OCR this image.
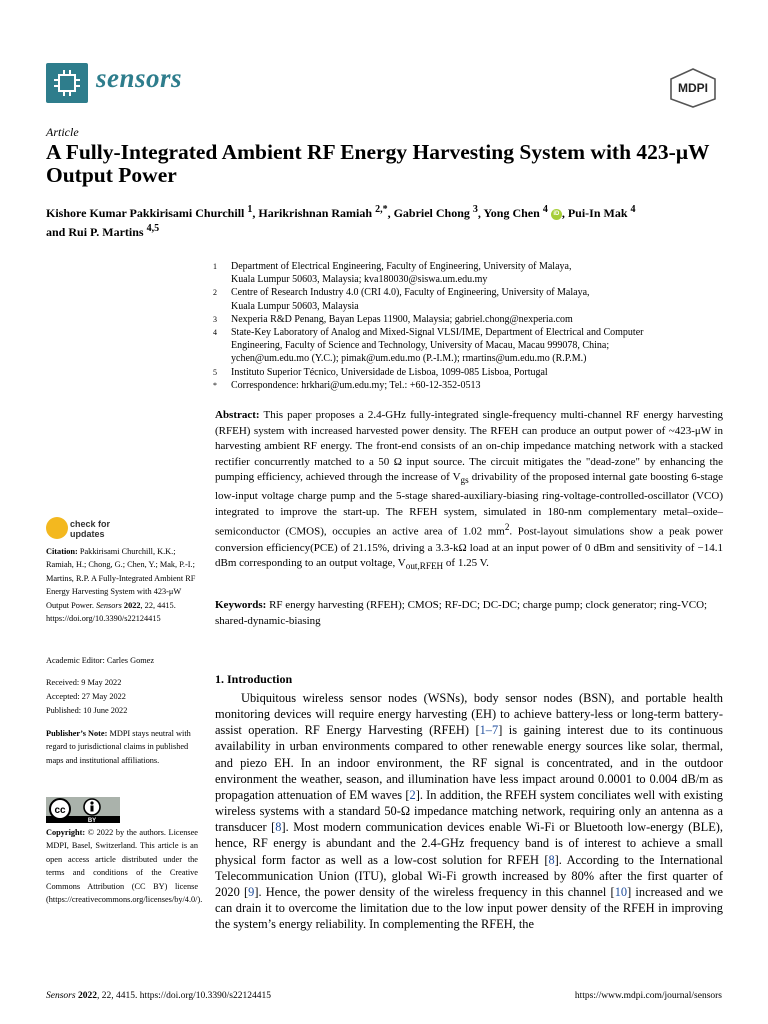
sensors	MDPI
Article
A Fully-Integrated Ambient RF Energy Harvesting System with 423-μW Output Power
Kishore Kumar Pakkirisami Churchill $^1$, Harikrishnan Ramiah $^{2,*}$, Gabriel Chong $^3$, Yong Chen $^4$ iD , Pui-In Mak $^4$
and Rui P. Martins $^{4,5}$
1	Department of Electrical Engineering, Faculty of Engineering, University of Malaya,
Kuala Lumpur 50603, Malaysia; kva180030@siswa.um.edu.my
2	Centre of Research Industry 4.0 (CRI 4.0), Faculty of Engineering, University of Malaya,
Kuala Lumpur 50603, Malaysia
3	Nexperia R&D Penang, Bayan Lepas 11900, Malaysia; gabriel.chong@nexperia.com
4	State-Key Laboratory of Analog and Mixed-Signal VLSI/IME, Department of Electrical and Computer
Engineering, Faculty of Science and Technology, University of Macau, Macau 999078, China;
ychen@um.edu.mo (Y.C.); pimak@um.edu.mo (P.-I.M.); rmartins@um.edu.mo (R.P.M.)
5	Instituto Superior Técnico, Universidade de Lisboa, 1099-085 Lisboa, Portugal
*	Correspondence: hrkhari@um.edu.my; Tel.: +60-12-352-0513
Abstract: This paper proposes a 2.4-GHz fully-integrated single-frequency multi-channel RF energy harvesting (RFEH) system with increased harvested power density. The RFEH can produce an output power of ~423-μW in harvesting ambient RF energy. The front-end consists of an on-chip impedance matching network with a stacked rectifier concurrently matched to a 50 Ω input source. The circuit mitigates the "dead-zone" by enhancing the pumping efficiency, achieved through the increase of $V_{gs}$ drivability of the proposed internal gate boosting 6-stage low-input voltage charge pump and the 5-stage shared-auxiliary-biasing ring-voltage-controlled-oscillator (VCO) integrated to improve the start-up. The RFEH system, simulated in 180-nm complementary metal–oxide–semiconductor (CMOS), occupies an active area of 1.02 $mm^2$. Post-layout simulations show a peak power conversion efficiency(PCE) of 21.15%, driving a 3.3-kΩ load at an input power of 0 dBm and sensitivity of −14.1 dBm corresponding to an output voltage, $V_{out,RFEH}$ of 1.25 V.
Keywords: RF energy harvesting (RFEH); CMOS; RF-DC; DC-DC; charge pump; clock generator; ring-VCO; shared-dynamic-biasing
check for
updates
Citation: Pakkirisami Churchill, K.K.; Ramiah, H.; Chong, G.; Chen, Y.; Mak, P.-I.; Martins, R.P. A Fully-Integrated Ambient RF Energy Harvesting System with 423-μW Output Power. Sensors 2022, 22, 4415. https://doi.org/10.3390/s22124415
Academic Editor: Carles Gomez
Received: 9 May 2022
Accepted: 27 May 2022
Published: 10 June 2022
Publisher’s Note: MDPI stays neutral with regard to jurisdictional claims in published maps and institutional affiliations.
cc
BY
Copyright: © 2022 by the authors. Licensee MDPI, Basel, Switzerland. This article is an open access article distributed under the terms and conditions of the Creative Commons Attribution (CC BY) license (https://creativecommons.org/licenses/by/4.0/).
1. Introduction

Ubiquitous wireless sensor nodes (WSNs), body sensor nodes (BSN), and portable health monitoring devices will require energy harvesting (EH) to achieve battery-less or long-term battery-assist operation. RF Energy Harvesting (RFEH) [1–7] is gaining interest due to its continuous availability in urban environments compared to other renewable energy sources like solar, thermal, and piezo EH. In an indoor environment, the RF signal is concentrated, and in the outdoor environment the weather, season, and illumination have less impact around 0.0001 to 0.004 dB/m as propagation attenuation of EM waves [2]. In addition, the RFEH system conciliates well with existing wireless systems with a standard 50-Ω impedance matching network, requiring only an antenna as a transducer [8]. Most modern communication devices enable Wi-Fi or Bluetooth low-energy (BLE), hence, RF energy is abundant and the 2.4-GHz frequency band is of interest to achieve a small physical form factor as well as a low-cost solution for RFEH [8]. According to the International Telecommunication Union (ITU), global Wi-Fi growth increased by 80% after the first quarter of 2020 [9]. Hence, the power density of the wireless frequency in this channel [10] increased and we can drain it to overcome the limitation due to the low input power density of the RFEH in improving the system’s energy reliability. In complementing the RFEH, the

Sensors 2022, 22, 4415. https://doi.org/10.3390/s22124415	https://www.mdpi.com/journal/sensors
